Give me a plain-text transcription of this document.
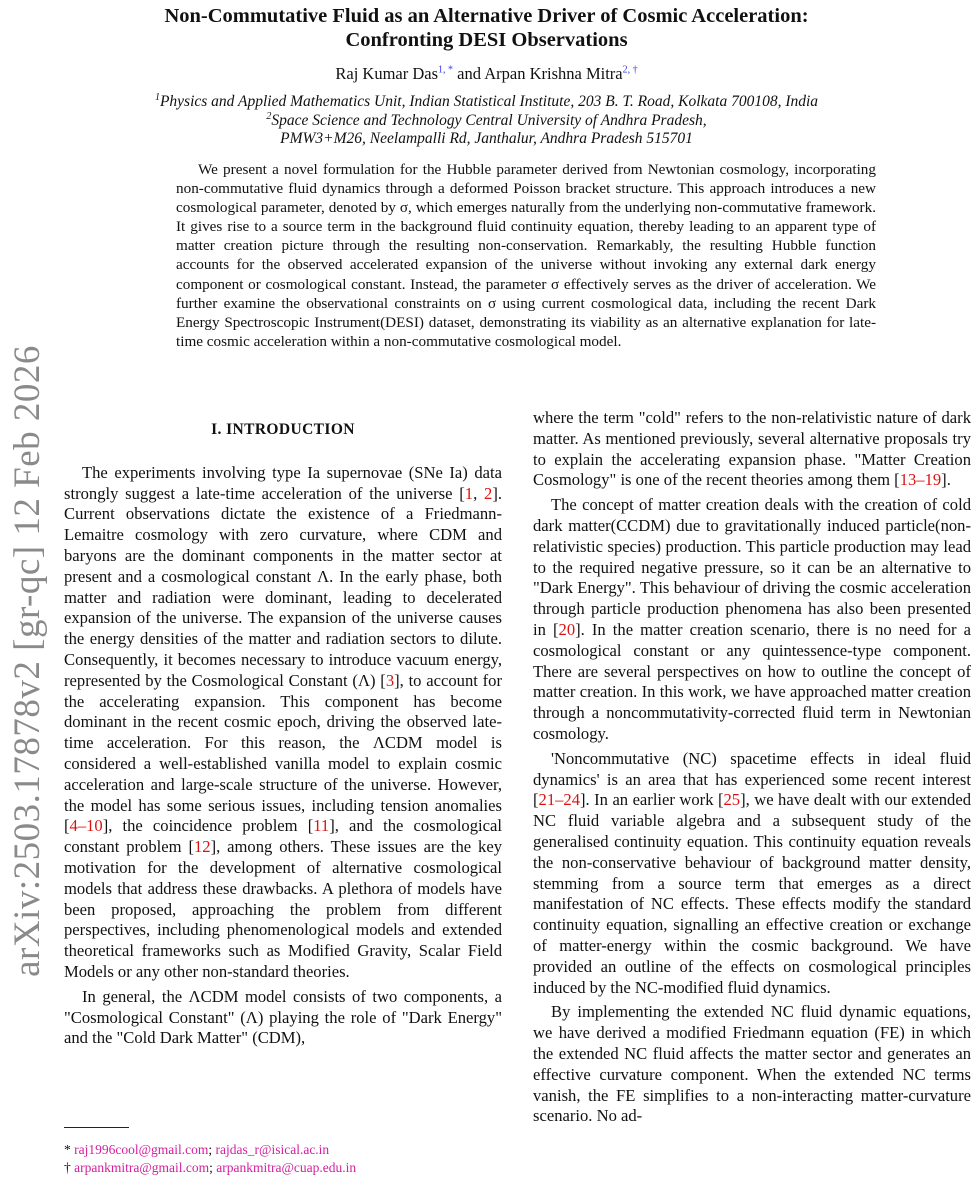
arXiv:2503.17878v2 [gr-qc] 12 Feb 2026
Non-Commutative Fluid as an Alternative Driver of Cosmic Acceleration:
Confronting DESI Observations
Raj Kumar Das$^{1, *}$ and Arpan Krishna Mitra$^{2, \dagger}$
$^1$Physics and Applied Mathematics Unit, Indian Statistical Institute, 203 B. T. Road, Kolkata 700108, India
$^2$Space Science and Technology Central University of Andhra Pradesh,
PMW3+M26, Neelampalli Rd, Janthalur, Andhra Pradesh 515701
We present a novel formulation for the Hubble parameter derived from Newtonian cosmology, incorporating non-commutative fluid dynamics through a deformed Poisson bracket structure. This approach introduces a new cosmological parameter, denoted by σ, which emerges naturally from the underlying non-commutative framework. It gives rise to a source term in the background fluid continuity equation, thereby leading to an apparent type of matter creation picture through the resulting non-conservation. Remarkably, the resulting Hubble function accounts for the observed accelerated expansion of the universe without invoking any external dark energy component or cosmological constant. Instead, the parameter σ effectively serves as the driver of acceleration. We further examine the observational constraints on σ using current cosmological data, including the recent Dark Energy Spectroscopic Instrument(DESI) dataset, demonstrating its viability as an alternative explanation for late-time cosmic acceleration within a non-commutative cosmological model.
I. INTRODUCTION

The experiments involving type Ia supernovae (SNe Ia) data strongly suggest a late-time acceleration of the universe [1, 2]. Current observations dictate the existence of a Friedmann-Lemaitre cosmology with zero curvature, where CDM and baryons are the dominant components in the matter sector at present and a cosmological constant Λ. In the early phase, both matter and radiation were dominant, leading to decelerated expansion of the universe. The expansion of the universe causes the energy densities of the matter and radiation sectors to dilute. Consequently, it becomes necessary to introduce vacuum energy, represented by the Cosmological Constant (Λ) [3], to account for the accelerating expansion. This component has become dominant in the recent cosmic epoch, driving the observed late-time acceleration. For this reason, the ΛCDM model is considered a well-established vanilla model to explain cosmic acceleration and large-scale structure of the universe. However, the model has some serious issues, including tension anomalies [4–10], the coincidence problem [11], and the cosmological constant problem [12], among others. These issues are the key motivation for the development of alternative cosmological models that address these drawbacks. A plethora of models have been proposed, approaching the problem from different perspectives, including phenomenological models and extended theoretical frameworks such as Modified Gravity, Scalar Field Models or any other non-standard theories.

In general, the ΛCDM model consists of two components, a "Cosmological Constant" (Λ) playing the role of "Dark Energy" and the "Cold Dark Matter" (CDM),

where the term "cold" refers to the non-relativistic nature of dark matter. As mentioned previously, several alternative proposals try to explain the accelerating expansion phase. "Matter Creation Cosmology" is one of the recent theories among them [13–19].

The concept of matter creation deals with the creation of cold dark matter(CCDM) due to gravitationally induced particle(non-relativistic species) production. This particle production may lead to the required negative pressure, so it can be an alternative to "Dark Energy". This behaviour of driving the cosmic acceleration through particle production phenomena has also been presented in [20]. In the matter creation scenario, there is no need for a cosmological constant or any quintessence-type component. There are several perspectives on how to outline the concept of matter creation. In this work, we have approached matter creation through a noncommutativity-corrected fluid term in Newtonian cosmology.

'Noncommutative (NC) spacetime effects in ideal fluid dynamics' is an area that has experienced some recent interest [21–24]. In an earlier work [25], we have dealt with our extended NC fluid variable algebra and a subsequent study of the generalised continuity equation. This continuity equation reveals the non-conservative behaviour of background matter density, stemming from a source term that emerges as a direct manifestation of NC effects. These effects modify the standard continuity equation, signalling an effective creation or exchange of matter-energy within the cosmic background. We have provided an outline of the effects on cosmological principles induced by the NC-modified fluid dynamics.

By implementing the extended NC fluid dynamic equations, we have derived a modified Friedmann equation (FE) in which the extended NC fluid affects the matter sector and generates an effective curvature component. When the extended NC terms vanish, the FE simplifies to a non-interacting matter-curvature scenario. No ad-

* raj1996cool@gmail.com; rajdas_r@isical.ac.in
† arpankmitra@gmail.com; arpankmitra@cuap.edu.in
